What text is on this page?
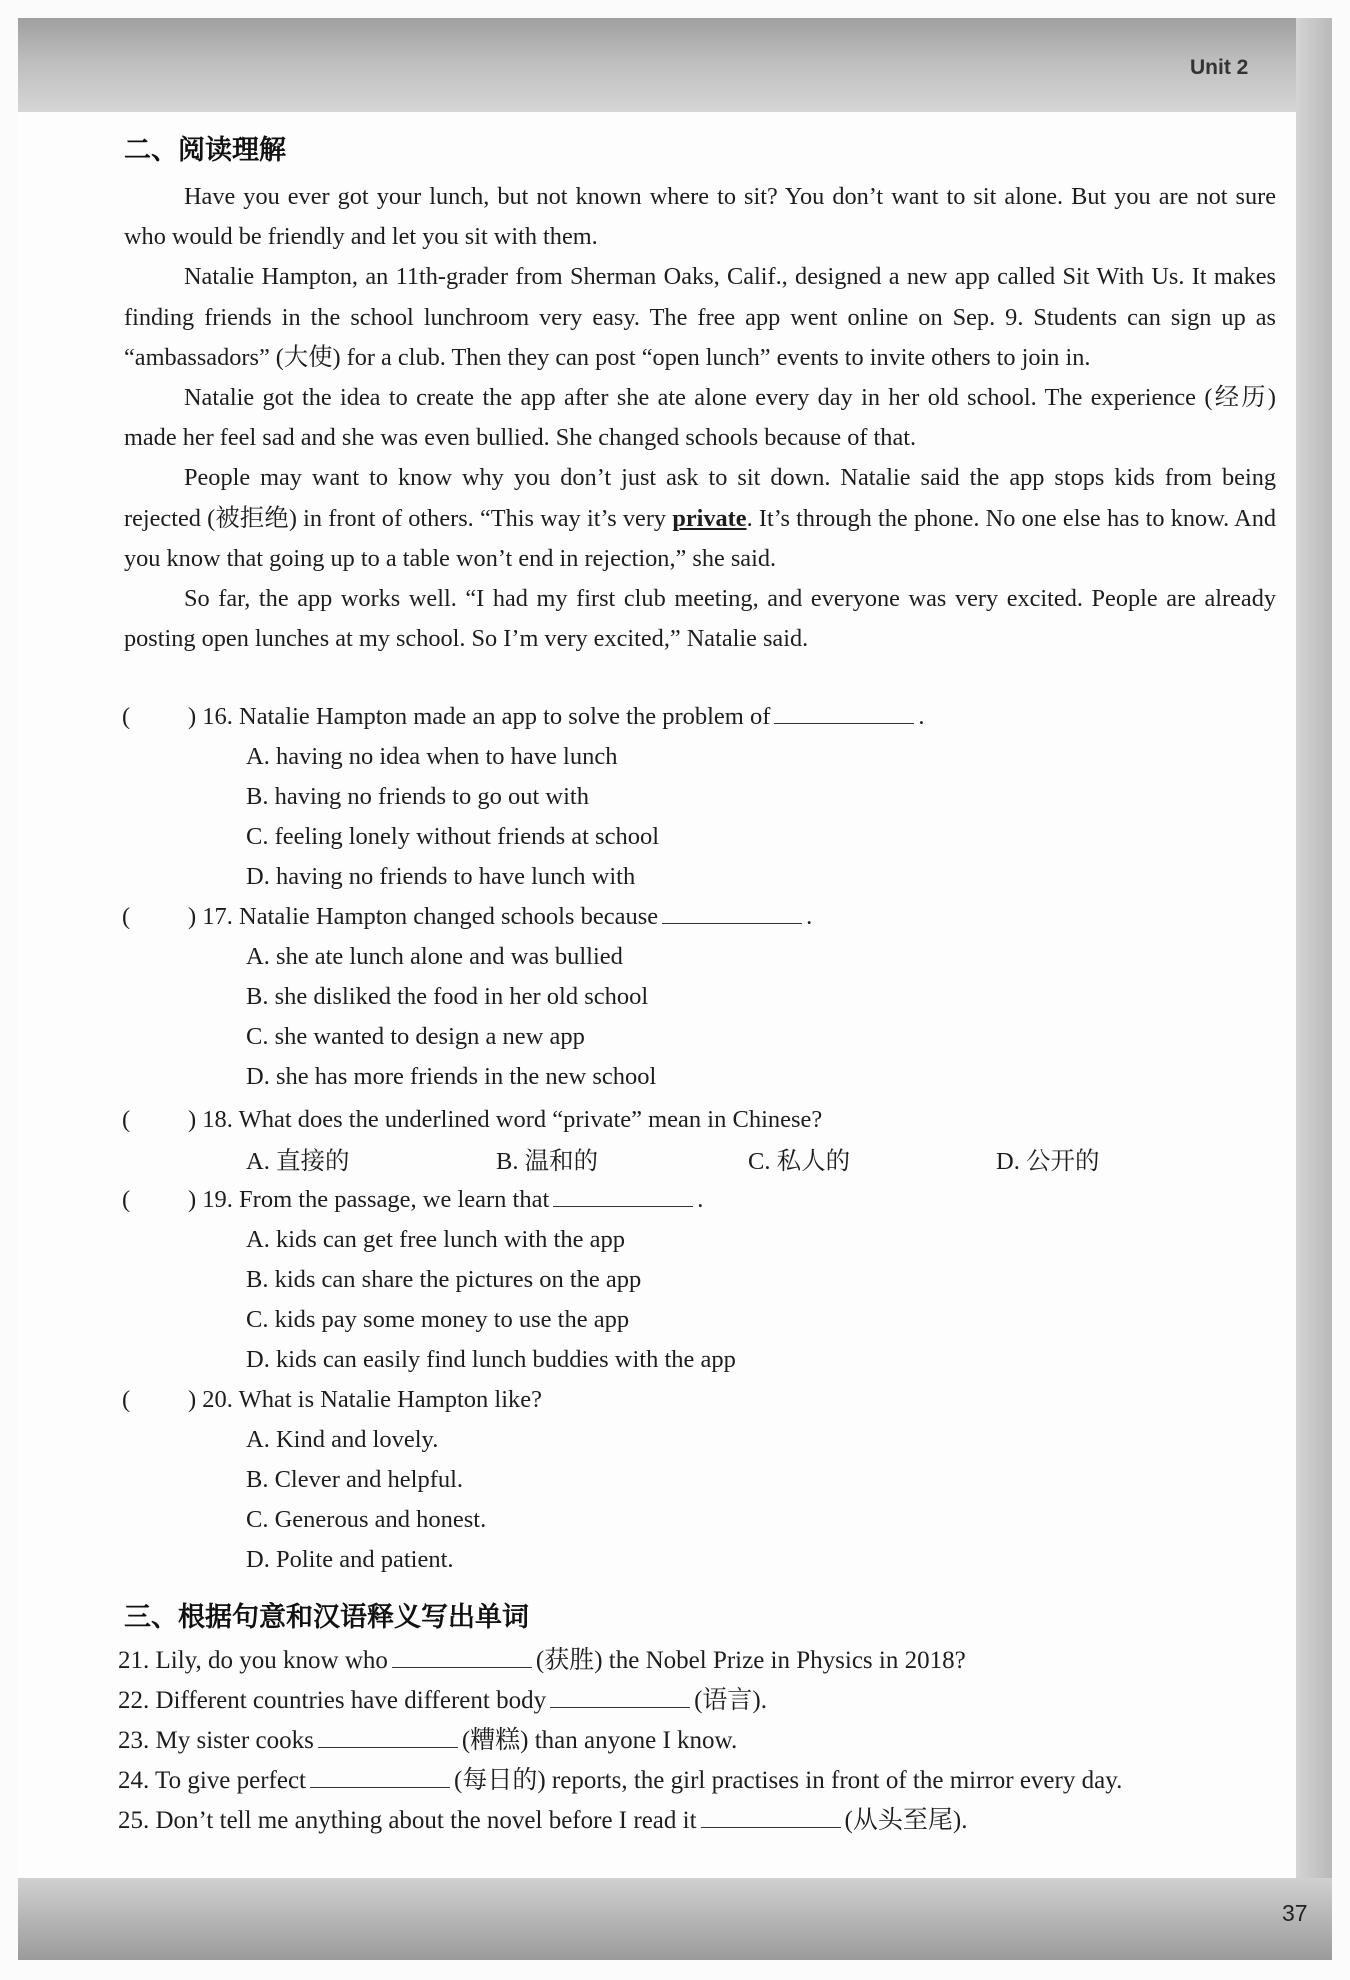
Unit 2
二、阅读理解

Have you ever got your lunch, but not known where to sit? You don’t want to sit alone. But you are not sure who would be friendly and let you sit with them.

Natalie Hampton, an 11th-grader from Sherman Oaks, Calif., designed a new app called Sit With Us. It makes finding friends in the school lunchroom very easy. The free app went online on Sep. 9. Students can sign up as “ambassadors” (大使) for a club. Then they can post “open lunch” events to invite others to join in.

Natalie got the idea to create the app after she ate alone every day in her old school. The experience (经历) made her feel sad and she was even bullied. She changed schools because of that.

People may want to know why you don’t just ask to sit down. Natalie said the app stops kids from being rejected (被拒绝) in front of others. “This way it’s very private. It’s through the phone. No one else has to know. And you know that going up to a table won’t end in rejection,” she said.

So far, the app works well. “I had my first club meeting, and everyone was very excited. People are already posting open lunches at my school. So I’m very excited,” Natalie said.

( ) 16. Natalie Hampton made an app to solve the problem of	.
A. having no idea when to have lunch
B. having no friends to go out with
C. feeling lonely without friends at school
D. having no friends to have lunch with
( ) 17. Natalie Hampton changed schools because	.
A. she ate lunch alone and was bullied
B. she disliked the food in her old school
C. she wanted to design a new app
D. she has more friends in the new school
( ) 18. What does the underlined word “private” mean in Chinese?
A. 直接的	B. 温和的	C. 私人的	D. 公开的
( ) 19. From the passage, we learn that	.
A. kids can get free lunch with the app
B. kids can share the pictures on the app
C. kids pay some money to use the app
D. kids can easily find lunch buddies with the app
( ) 20. What is Natalie Hampton like?
A. Kind and lovely.
B. Clever and helpful.
C. Generous and honest.
D. Polite and patient.
三、根据句意和汉语释义写出单词
21. Lily, do you know who	(获胜) the Nobel Prize in Physics in 2018?
22. Different countries have different body	(语言).
23. My sister cooks	(糟糕) than anyone I know.
24. To give perfect	(每日的) reports, the girl practises in front of the mirror every day.
25. Don’t tell me anything about the novel before I read it	(从头至尾).
37
